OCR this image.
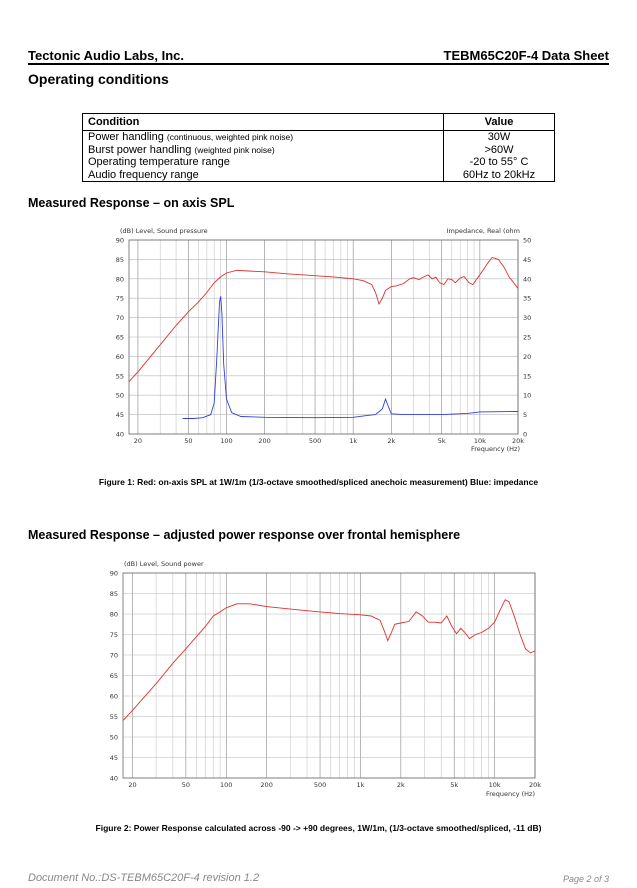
Tectonic Audio Labs, Inc.	TEBM65C20F-4 Data Sheet
Operating conditions
Condition	Value
Power handling (continuous, weighted pink noise)	30W
Burst power handling (weighted pink noise)	>60W
Operating temperature range	-20 to 55° C
Audio frequency range	60Hz to 20kHz
Measured Response – on axis SPL
(dB) Level, Sound pressure	Impedance, Real (ohm
Frequency (Hz)
40
45
50
55
60
65
70
75
80
85
90
0
5
10
15
20
25
30
35
40
45
50
20	50	100	200	500	1k	2k	5k	10k	20k
Figure 1: Red: on-axis SPL at 1W/1m (1/3-octave smoothed/spliced anechoic measurement) Blue: impedance
Measured Response – adjusted power response over frontal hemisphere
(dB) Level, Sound power
Frequency (Hz)
40
45
50
55
60
65
70
75
80
85
90
20	50	100	200	500	1k	2k	5k	10k	20k
Figure 2: Power Response calculated across -90 -> +90 degrees, 1W/1m, (1/3-octave smoothed/spliced, -11 dB)
Document No.:DS-TEBM65C20F-4 revision 1.2	Page 2 of 3
